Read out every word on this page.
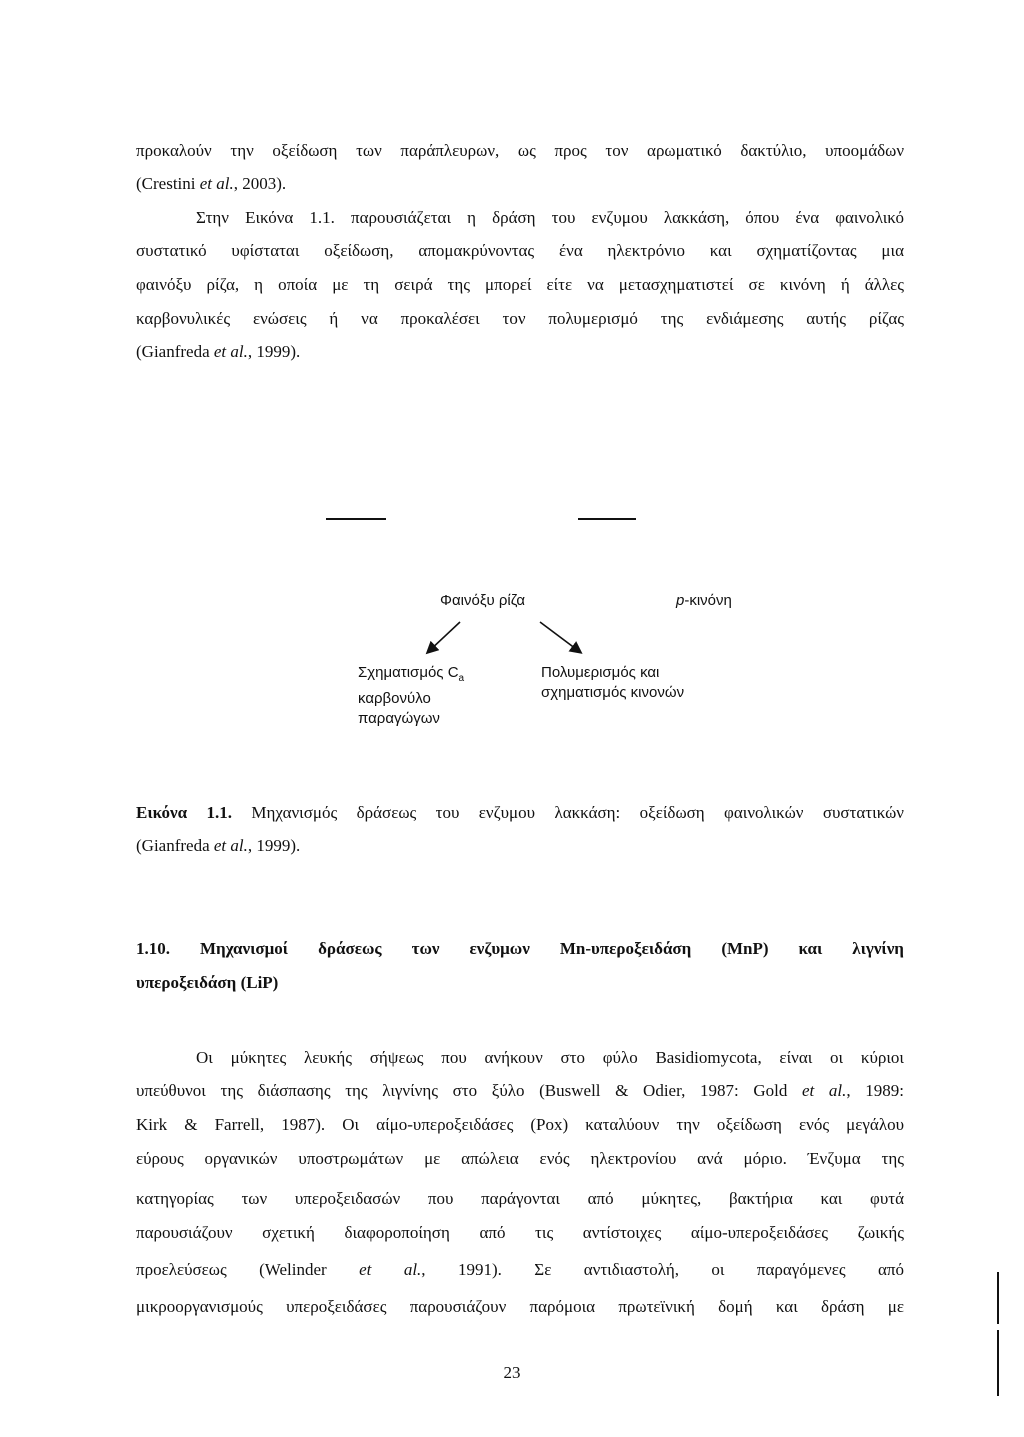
προκαλούν την οξείδωση των παράπλευρων, ως προς τον αρωματικό δακτύλιο, υποομάδων
(Crestini et al., 2003).
Στην Εικόνα 1.1. παρουσιάζεται η δράση του ενζυμου λακκάση, όπου ένα φαινολικό
συστατικό υφίσταται οξείδωση, απομακρύνοντας ένα ηλεκτρόνιο και σχηματίζοντας μια
φαινόξυ ρίζα, η οποία με τη σειρά της μπορεί είτε να μετασχηματιστεί σε κινόνη ή άλλες
καρβονυλικές ενώσεις ή να προκαλέσει τον πολυμερισμό της ενδιάμεσης αυτής ρίζας
(Gianfreda et al., 1999).
Φαινόξυ ρίζα	p-κινόνη
Σχηματισμός $C_a$
καρβονύλο
παραγώγων
Πολυμερισμός και
σχηματισμός κινονών
Εικόνα 1.1. Μηχανισμός δράσεως του ενζυμου λακκάση: οξείδωση φαινολικών συστατικών
(Gianfreda et al., 1999).
1.10. Μηχανισμοί δράσεως των ενζυμων Mn-υπεροξειδάση (MnP) και λιγνίνη
υπεροξειδάση (LiP)
Οι μύκητες λευκής σήψεως που ανήκουν στο φύλο Basidiomycota, είναι οι κύριοι
υπεύθυνοι της διάσπασης της λιγνίνης στο ξύλο (Buswell & Odier, 1987: Gold et al., 1989:
Kirk & Farrell, 1987). Οι αίμο-υπεροξειδάσες (Pox) καταλύουν την οξείδωση ενός μεγάλου
εύρους οργανικών υποστρωμάτων με απώλεια ενός ηλεκτρονίου ανά μόριο. Ένζυμα της
κατηγορίας των υπεροξειδασών που παράγονται από μύκητες, βακτήρια και φυτά
παρουσιάζουν σχετική διαφοροποίηση από τις αντίστοιχες αίμο-υπεροξειδάσες ζωικής
προελεύσεως (Welinder et al., 1991). Σε αντιδιαστολή, οι παραγόμενες από
μικροοργανισμούς υπεροξειδάσες παρουσιάζουν παρόμοια πρωτεϊνική δομή και δράση με
23
